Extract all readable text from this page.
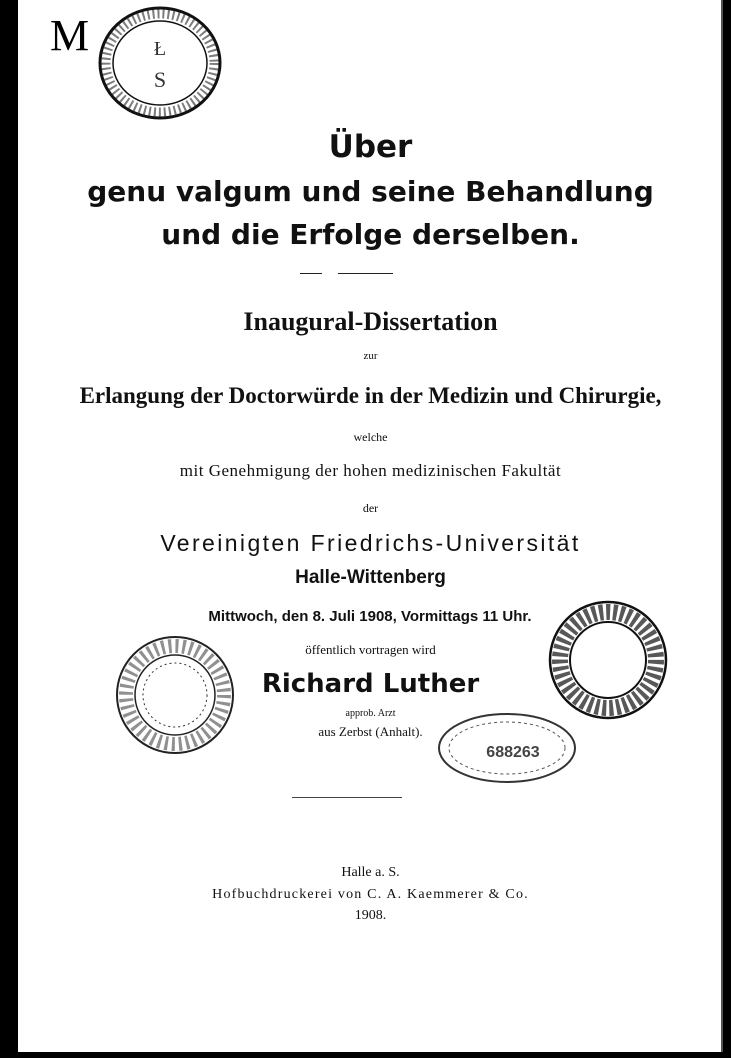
M	Ł
S
Über
genu valgum und seine Behandlung
und die Erfolge derselben.
Inaugural-Dissertation
zur
Erlangung der Doctorwürde in der Medizin und Chirurgie,
welche
mit Genehmigung der hohen medizinischen Fakultät
der
Vereinigten Friedrichs-Universität
Halle-Wittenberg
Mittwoch, den 8. Juli 1908, Vormittags 11 Uhr.
öffentlich vortragen wird
Richard Luther
approb. Arzt
aus Zerbst (Anhalt).
688263
Halle a. S.
Hofbuchdruckerei von C. A. Kaemmerer & Co.
1908.
